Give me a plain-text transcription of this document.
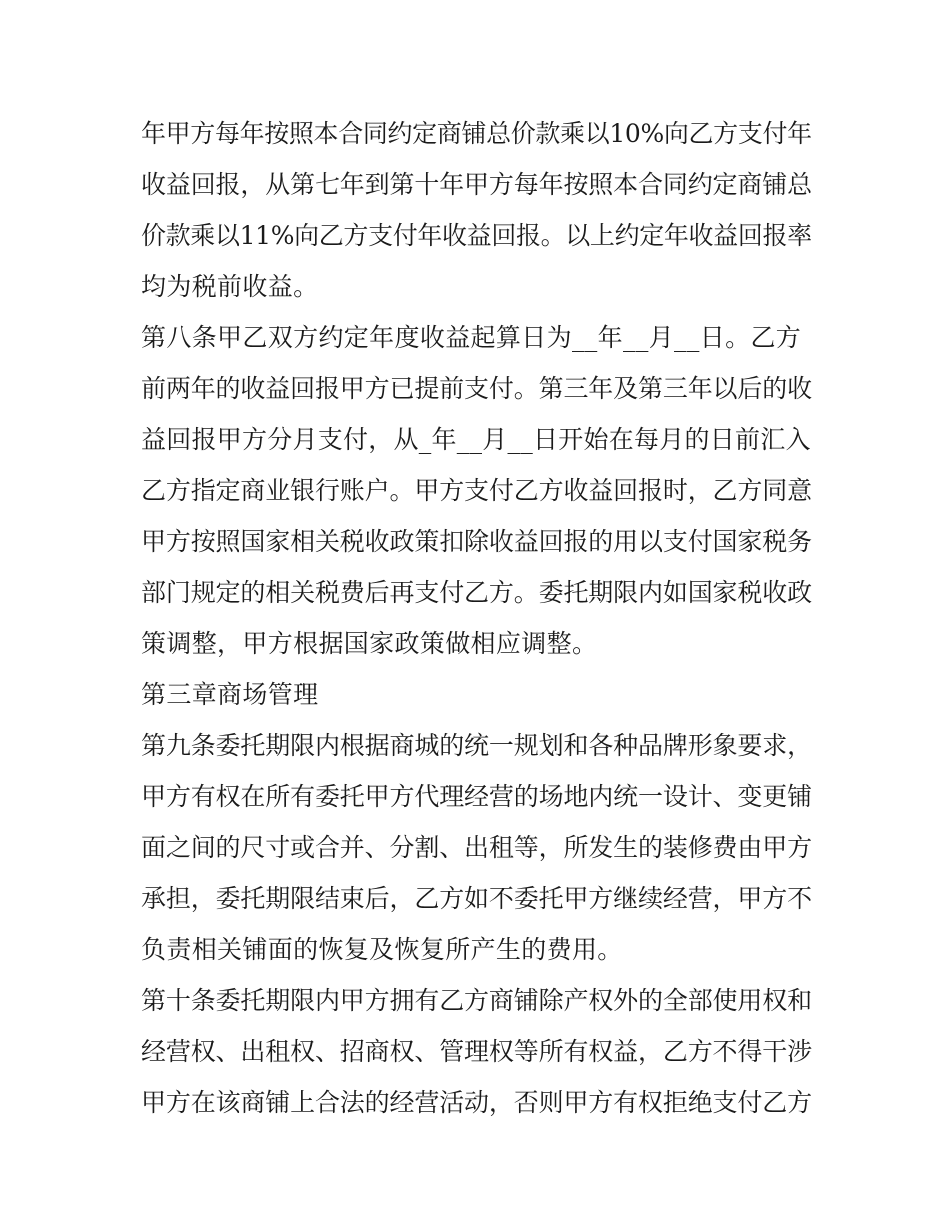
年甲方每年按照本合同约定商铺总价款乘以10%向乙方支付年
收益回报，从第七年到第十年甲方每年按照本合同约定商铺总
价款乘以11%向乙方支付年收益回报。以上约定年收益回报率
均为税前收益。
第八条甲乙双方约定年度收益起算日为__年__月__日。乙方
前两年的收益回报甲方已提前支付。第三年及第三年以后的收
益回报甲方分月支付，从_年__月__日开始在每月的日前汇入
乙方指定商业银行账户。甲方支付乙方收益回报时，乙方同意
甲方按照国家相关税收政策扣除收益回报的用以支付国家税务
部门规定的相关税费后再支付乙方。委托期限内如国家税收政
策调整，甲方根据国家政策做相应调整。
第三章商场管理
第九条委托期限内根据商城的统一规划和各种品牌形象要求，
甲方有权在所有委托甲方代理经营的场地内统一设计、变更铺
面之间的尺寸或合并、分割、出租等，所发生的装修费由甲方
承担，委托期限结束后，乙方如不委托甲方继续经营，甲方不
负责相关铺面的恢复及恢复所产生的费用。
第十条委托期限内甲方拥有乙方商铺除产权外的全部使用权和
经营权、出租权、招商权、管理权等所有权益，乙方不得干涉
甲方在该商铺上合法的经营活动，否则甲方有权拒绝支付乙方
